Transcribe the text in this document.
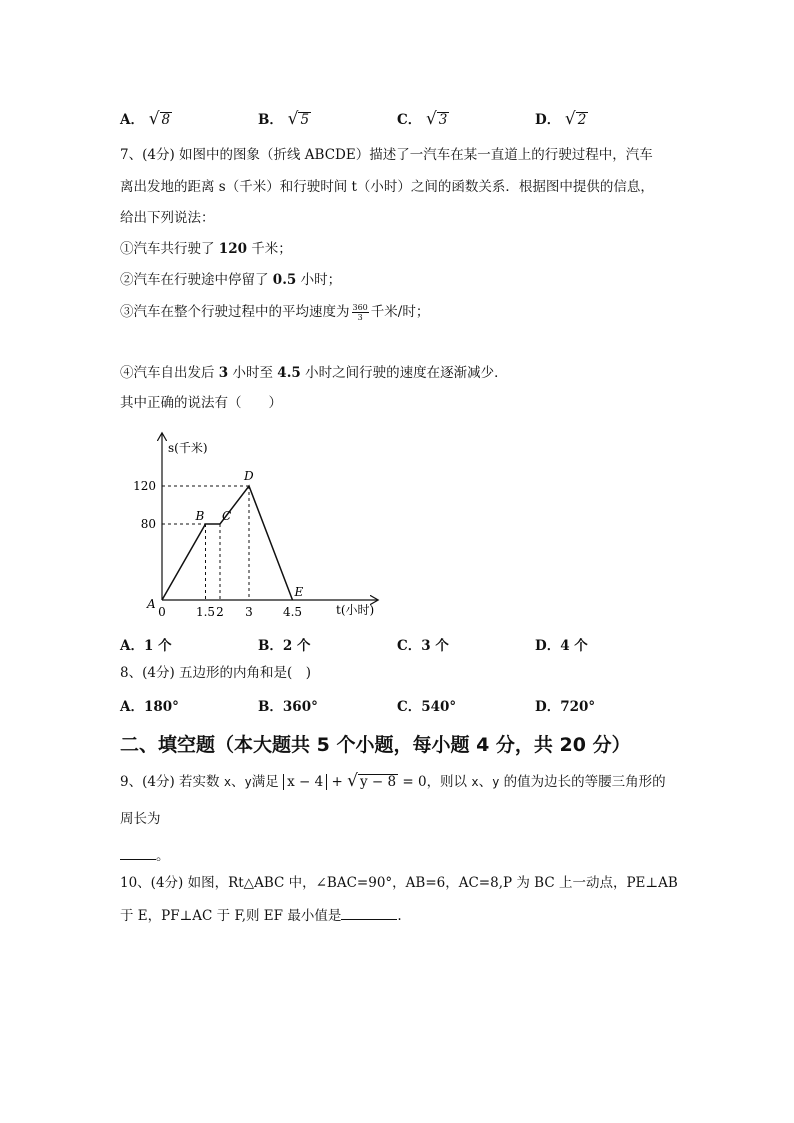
A． √ 8	B． √ 5	C． √ 3	D． √ 2
7、(4分) 如图中的图象（折线 ABCDE）描述了一汽车在某一直道上的行驶过程中，汽车
离出发地的距离 s（千米）和行驶时间 t（小时）之间的函数关系．根据图中提供的信息，
给出下列说法：
①汽车共行驶了 120 千米；
②汽车在行驶途中停留了 0.5 小时；
③汽车在整个行驶过程中的平均速度为 $\frac{360}{3}$ 千米/时；
④汽车自出发后 3 小时至 4.5 小时之间行驶的速度在逐渐减少．
其中正确的说法有（　　）
s(千米)
t(小时)
0	1.5 2 3	4.5
80
120
A
B C
D
E
A．1 个	B．2 个	C．3 个	D．4 个
8、(4分) 五边形的内角和是(　)
A．180°	B．360°	C．540°	D．720°
二、填空题（本大题共 5 个小题，每小题 4 分，共 20 分）
9、(4分) 若实数 x、y满足 x − 4 + √ y − 8 = 0，则以 x、y 的值为边长的等腰三角形的
周长为
。
10、(4分) 如图，Rt△ABC 中，∠BAC=90°，AB=6，AC=8,P 为 BC 上一动点，PE⊥AB
于 E，PF⊥AC 于 F,则 EF 最小值是	.
